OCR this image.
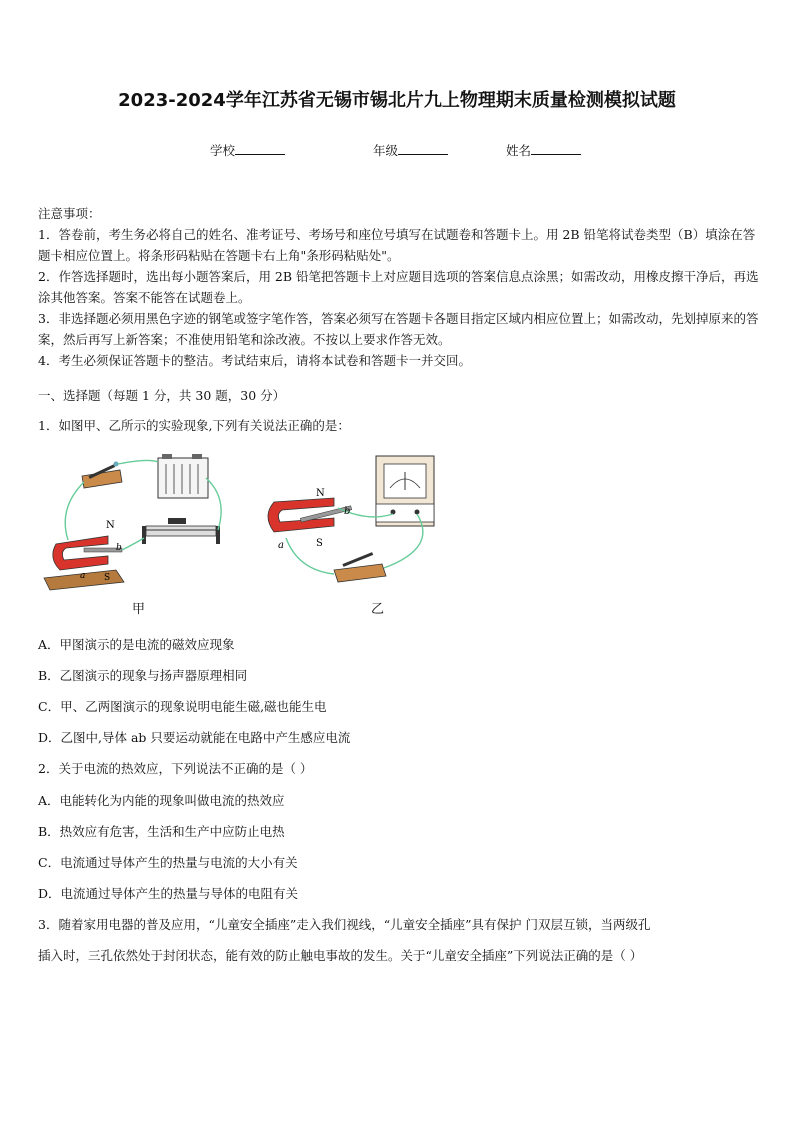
2023-2024学年江苏省无锡市锡北片九上物理期末质量检测模拟试题
学校	年级	姓名

注意事项：

1．答卷前，考生务必将自己的姓名、准考证号、考场号和座位号填写在试题卷和答题卡上。用 2B 铅笔将试卷类型（B）填涂在答题卡相应位置上。将条形码粘贴在答题卡右上角"条形码粘贴处"。

2．作答选择题时，选出每小题答案后，用 2B 铅笔把答题卡上对应题目选项的答案信息点涂黑；如需改动，用橡皮擦干净后，再选涂其他答案。答案不能答在试题卷上。

3．非选择题必须用黑色字迹的钢笔或签字笔作答，答案必须写在答题卡各题目指定区域内相应位置上；如需改动，先划掉原来的答案，然后再写上新答案；不准使用铅笔和涂改液。不按以上要求作答无效。

4．考生必须保证答题卡的整洁。考试结束后，请将本试卷和答题卡一并交回。

一、选择题（每题 1 分，共 30 题，30 分）
1．如图甲、乙所示的实验现象,下列有关说法正确的是：
N
S
a
b
N
S
a
b
甲	乙
A．甲图演示的是电流的磁效应现象
B．乙图演示的现象与扬声器原理相同
C．甲、乙两图演示的现象说明电能生磁,磁也能生电
D．乙图中,导体 ab 只要运动就能在电路中产生感应电流
2．关于电流的热效应，下列说法不正确的是（ ）
A．电能转化为内能的现象叫做电流的热效应
B．热效应有危害，生活和生产中应防止电热
C．电流通过导体产生的热量与电流的大小有关
D．电流通过导体产生的热量与导体的电阻有关
3．随着家用电器的普及应用，“儿童安全插座”走入我们视线，“儿童安全插座”具有保护 门双层互锁，当两级孔
插入时，三孔依然处于封闭状态，能有效的防止触电事故的发生。关于“儿童安全插座”下列说法正确的是（ ）
